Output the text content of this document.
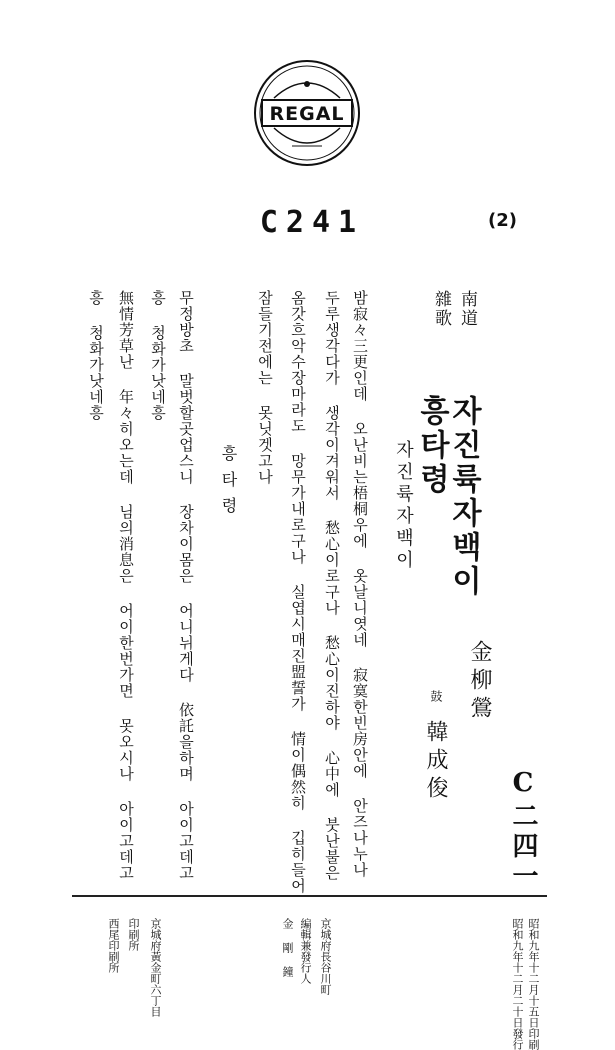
REGAL
C241	(2)
C二四一
南道
雜歌
자진륙자백이
흥타령
金柳鶯
鼓
韓成俊
자진륙자백이
밤寂々三更인데 오난비는梧桐우에 옷날니엿네 寂寞한빈房안에 안즈나누나
두루생각다가 생각이겨워서 愁心이로구나 愁心이진하야 心中에 붓난불은
옴갓흐악수장마라도 망무가내로구나 실엽시매진盟誓가 情이偶然히 깁히들어
잠들기전에는 못닛겟고나
흥타령
무정방초 말벗할곳업스니 장차이몸은 어니뉘게다 依託을하며 아이고데고
흥 청화가낫네흥
無情芳草난 年々히오는데 님의消息은 어이한번가면 못오시나 아이고데고
흥 청화가낫네흥
昭和九年十二月十五日印刷
昭和九年十二月二十日發行
京城府長谷川町
編輯兼發行人
金 剛 鐘
京城府黃金町六丁目
印刷所
西尾印刷所
